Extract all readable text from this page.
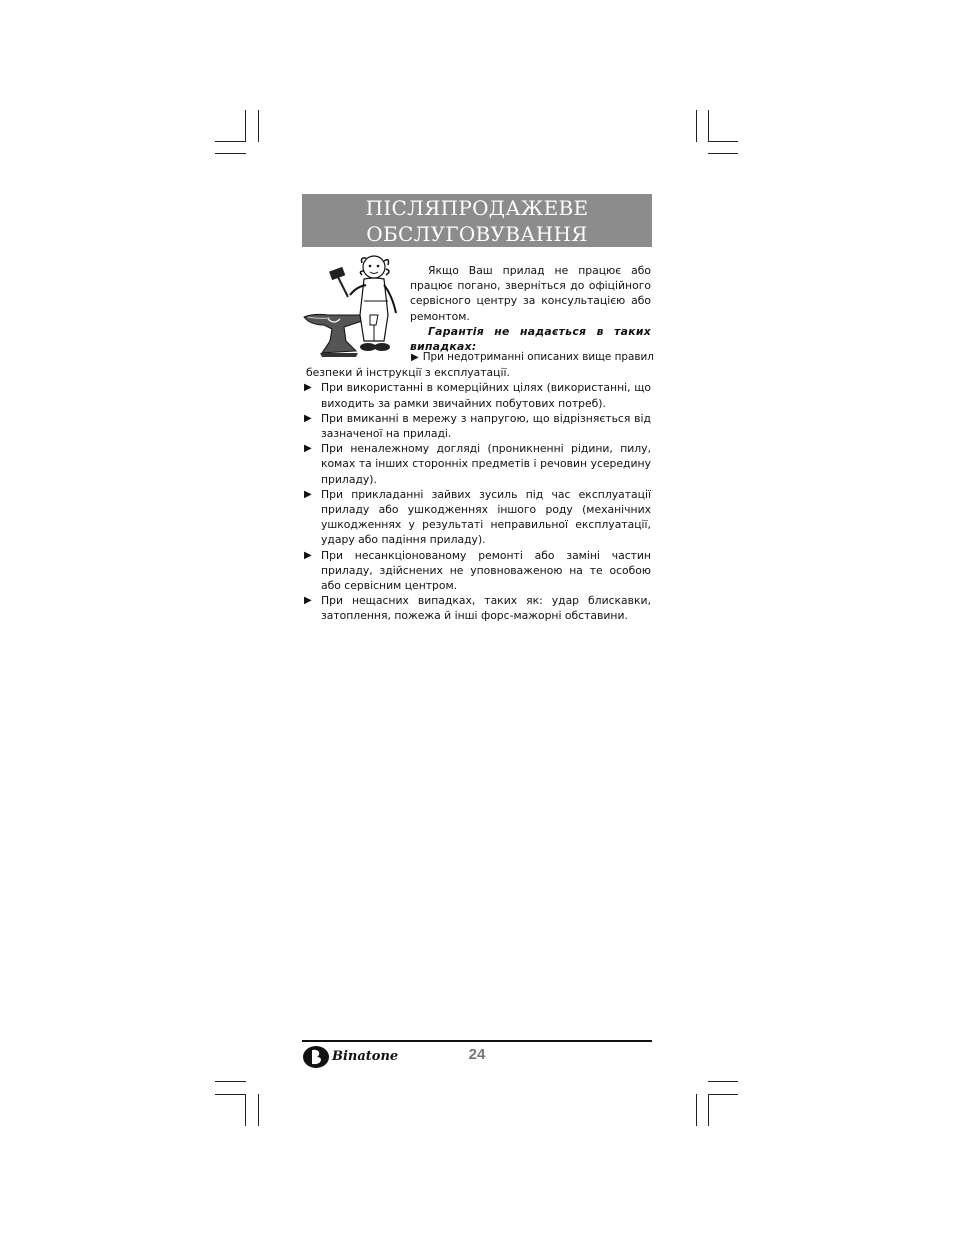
ПІСЛЯПРОДАЖЕВЕ
ОБСЛУГОВУВАННЯ
Якщо Ваш прилад не працює або працює погано, зверніться до офіційного сервісного центру за консультацією або ремонтом.
Гарантія не надається в таких випадках:
▶ При недотриманні описаних вище правил
безпеки й інструкції з експлуатації.
▶ При використанні в комерційних цілях (використанні, що виходить за рамки звичайних побутових потреб).
▶ При вмиканні в мережу з напругою, що відрізняється від зазначеної на приладі.
▶ При неналежному догляді (проникненні рідини, пилу, комах та інших сторонніх предметів і речовин усередину приладу).
▶ При прикладанні зайвих зусиль під час експлуатації приладу або ушкодженнях іншого роду (механічних ушкодженнях у результаті неправильної експлуатації, удару або падіння приладу).
▶ При несанкціонованому ремонті або заміні частин приладу, здійснених не уповноваженою на те особою або сервісним центром.
▶ При нещасних випадках, таких як: удар блискавки, затоплення, пожежа й інші форс-мажорні обставини.
Binatone	24
